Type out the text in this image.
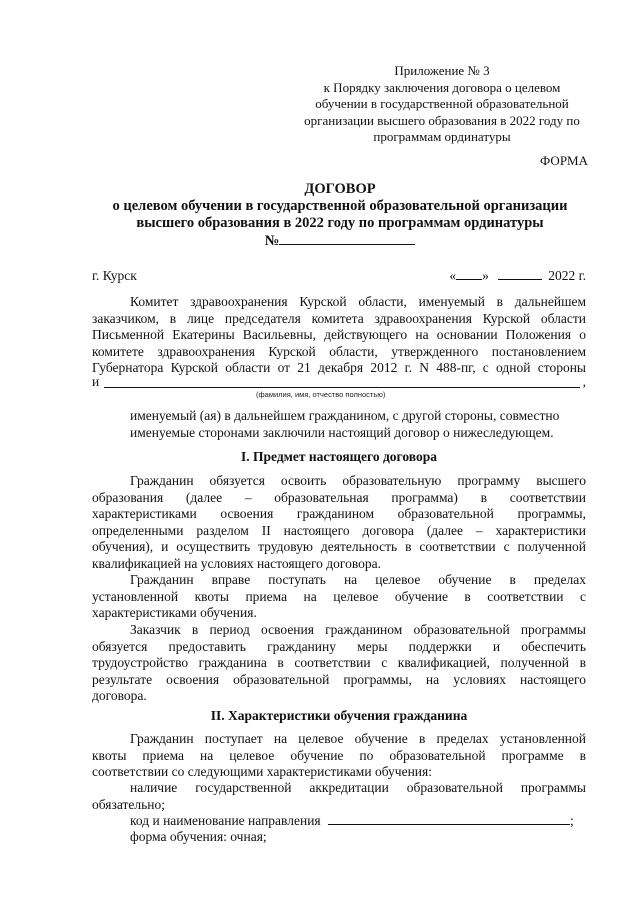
Приложение № 3
к Порядку заключения договора о целевом
обучении в государственной образовательной
организации высшего образования в 2022 году по
программам ординатуры
ФОРМА
ДОГОВОР
о целевом обучении в государственной образовательной организации
высшего образования в 2022 году по программам ординатуры
№
г. Курск	« »	2022 г.
Комитет здравоохранения Курской области, именуемый в дальнейшем
заказчиком, в лице председателя комитета здравоохранения Курской области
Письменной Екатерины Васильевны, действующего на основании Положения о
комитете здравоохранения Курской области, утвержденного постановлением
Губернатора Курской области от 21 декабря 2012 г. N 488-пг, с одной стороны
и	,
(фамилия, имя, отчество полностью)
именуемый (ая) в дальнейшем гражданином, с другой стороны, совместно
именуемые сторонами заключили настоящий договор о нижеследующем.
I. Предмет настоящего договора
Гражданин обязуется освоить образовательную программу высшего
образования (далее – образовательная программа) в соответствии
характеристиками освоения гражданином образовательной программы,
определенными разделом II настоящего договора (далее – характеристики
обучения), и осуществить трудовую деятельность в соответствии с полученной
квалификацией на условиях настоящего договора.
Гражданин вправе поступать на целевое обучение в пределах
установленной квоты приема на целевое обучение в соответствии с
характеристиками обучения.
Заказчик в период освоения гражданином образовательной программы
обязуется предоставить гражданину меры поддержки и обеспечить
трудоустройство гражданина в соответствии с квалификацией, полученной в
результате освоения образовательной программы, на условиях настоящего
договора.
II. Характеристики обучения гражданина
Гражданин поступает на целевое обучение в пределах установленной
квоты приема на целевое обучение по образовательной программе в
соответствии со следующими характеристиками обучения:
наличие государственной аккредитации образовательной программы
обязательно;
код и наименование направления	;
форма обучения: очная;
